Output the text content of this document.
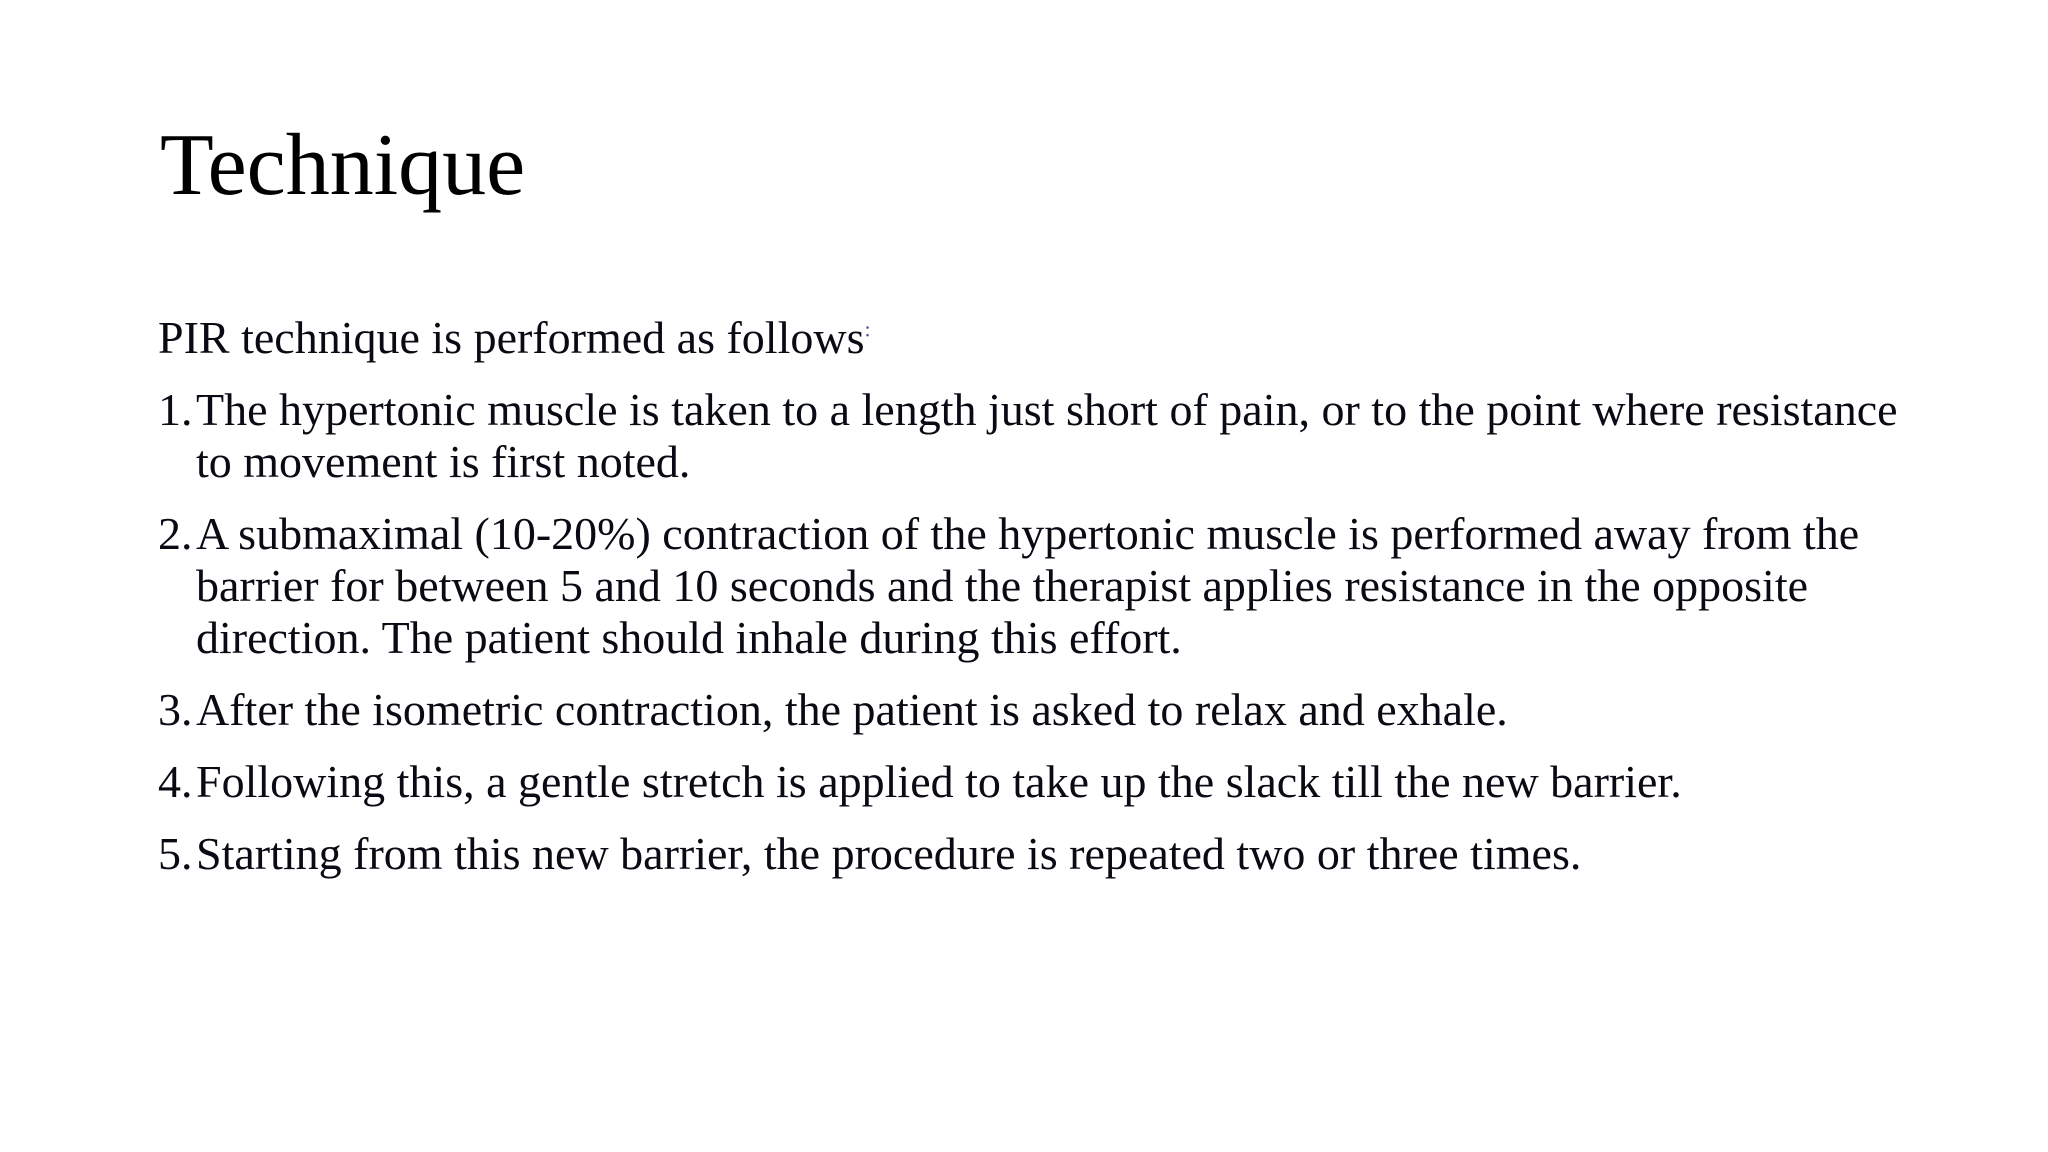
Technique

PIR technique is performed as follows:

1. The hypertonic muscle is taken to a length just short of pain, or to the point where resistance to movement is first noted.
2. A submaximal (10-20%) contraction of the hypertonic muscle is performed away from the barrier for between 5 and 10 seconds and the therapist applies resistance in the opposite direction. The patient should inhale during this effort.
3. After the isometric contraction, the patient is asked to relax and exhale.
4. Following this, a gentle stretch is applied to take up the slack till the new barrier.
5. Starting from this new barrier, the procedure is repeated two or three times.
